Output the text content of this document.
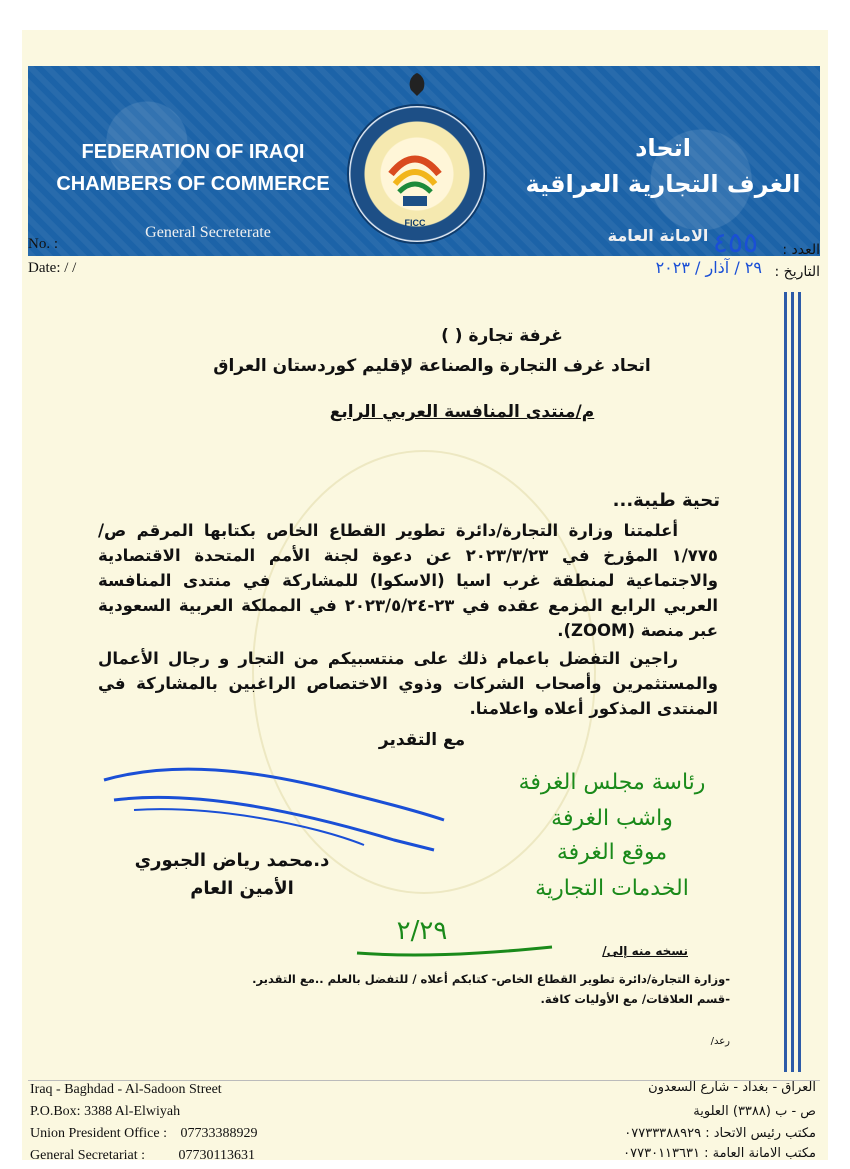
FEDERATION OF IRAQI
CHAMBERS OF COMMERCE
General Secreterate
اتحاد
الغرف التجارية العراقية
الامانة العامة
FICC
No. :
Date: / /
العدد :
التاريخ :
٤٥٥
٢٩ / آذار / ٢٠٢٣
غرفة تجارة ( )
اتحاد غرف التجارة والصناعة لإقليم كوردستان العراق
م/منتدى المنافسة العربي الرابع
تحية طيبة...
أعلمتنا وزارة التجارة/دائرة تطوير القطاع الخاص بكتابها المرقم ص/١/٧٧٥ المؤرخ في ٢٠٢٣/٣/٢٣ عن دعوة لجنة الأمم المتحدة الاقتصادية والاجتماعية لمنطقة غرب اسيا (الاسكوا) للمشاركة في منتدى المنافسة العربي الرابع المزمع عقده في ٢٣-٢٠٢٣/٥/٢٤ في المملكة العربية السعودية عبر منصة (ZOOM).
راجين التفضل باعمام ذلك على منتسبيكم من التجار و رجال الأعمال والمستثمرين وأصحاب الشركات وذوي الاختصاص الراغبين بالمشاركة في المنتدى المذكور أعلاه واعلامنا.
مع التقدير
د.محمد رياض الجبوري
الأمين العام
رئاسة مجلس الغرفة
واشب الغرفة
موقع الغرفة
الخدمات التجارية
٢/٢٩
نسخه منه إلى/
-وزارة التجارة/دائرة تطوير القطاع الخاص- كتابكم أعلاه / للتفضل بالعلم ..مع التقدير.
-قسم العلاقات/ مع الأوليات كافة.
رعد/
Iraq - Baghdad - Al-Sadoon Street
P.O.Box: 3388 Al-Elwiyah
Union President Office : 07733388929
General Secretariat : 07730113631
العراق - بغداد - شارع السعدون
ص - ب (٣٣٨٨) العلوية
مكتب رئيس الاتحاد : ٠٧٧٣٣٣٨٨٩٢٩
مكتب الامانة العامة : ٠٧٧٣٠١١٣٦٣١
